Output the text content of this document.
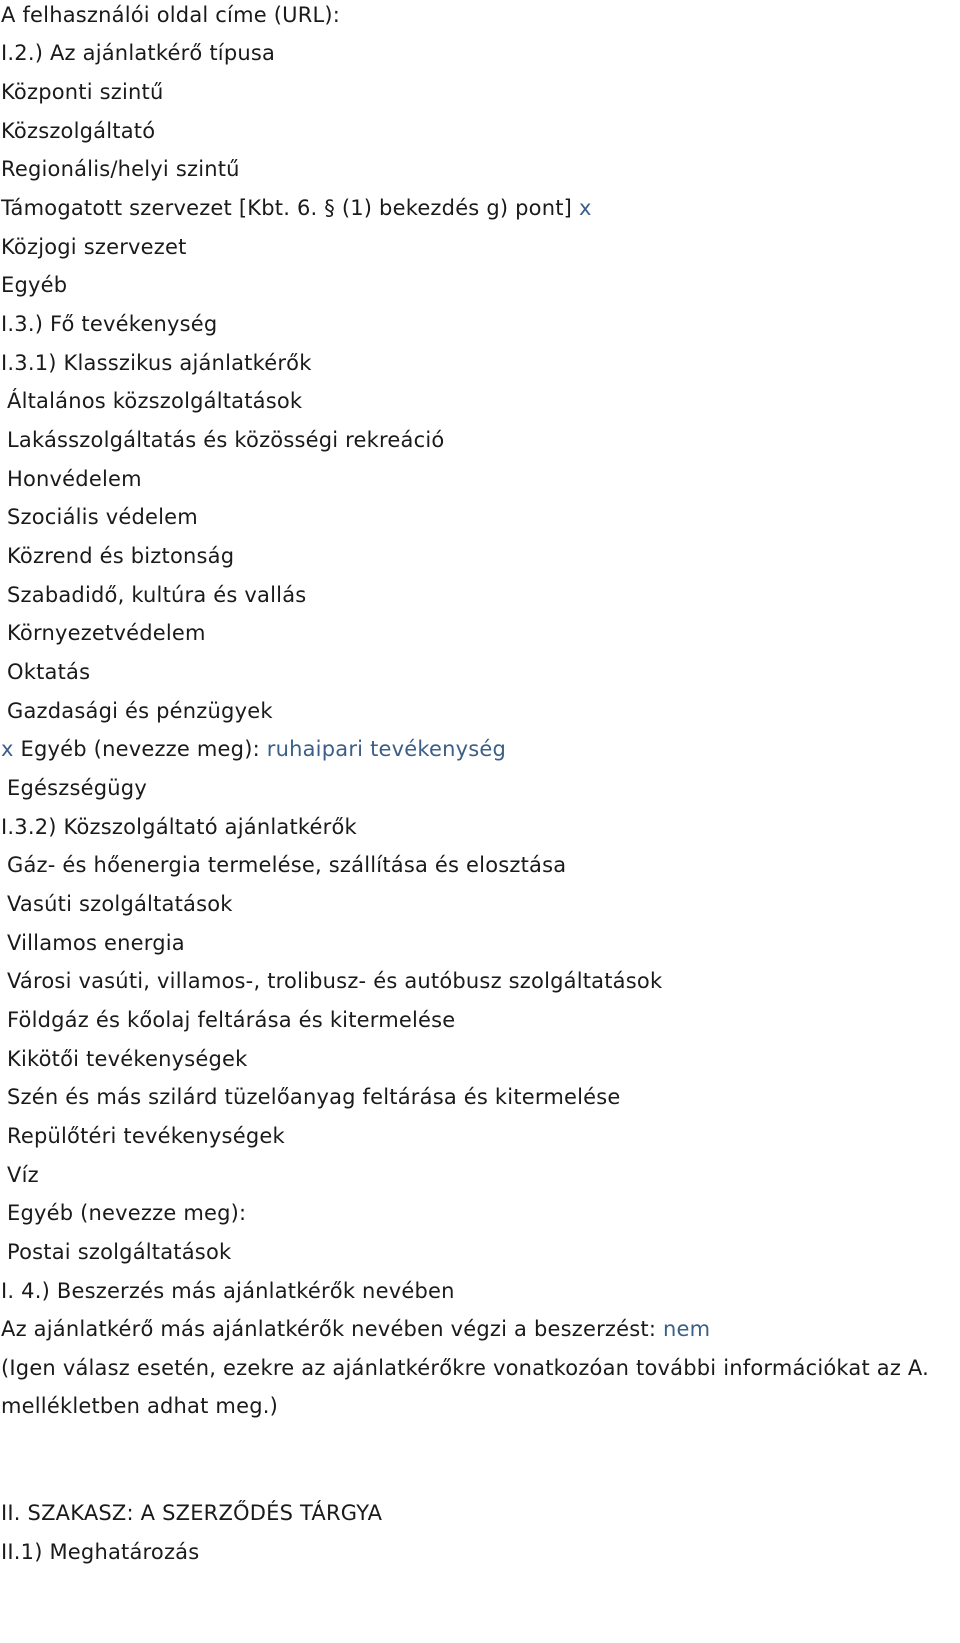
A felhasználói oldal címe (URL):
I.2.) Az ajánlatkérő típusa
Központi szintű
Közszolgáltató
Regionális/helyi szintű
Támogatott szervezet [Kbt. 6. § (1) bekezdés g) pont] x
Közjogi szervezet
Egyéb
I.3.) Fő tevékenység
I.3.1) Klasszikus ajánlatkérők
Általános közszolgáltatások
Lakásszolgáltatás és közösségi rekreáció
Honvédelem
Szociális védelem
Közrend és biztonság
Szabadidő, kultúra és vallás
Környezetvédelem
Oktatás
Gazdasági és pénzügyek
x Egyéb (nevezze meg): ruhaipari tevékenység
Egészségügy
I.3.2) Közszolgáltató ajánlatkérők
Gáz- és hőenergia termelése, szállítása és elosztása
Vasúti szolgáltatások
Villamos energia
Városi vasúti, villamos-, trolibusz- és autóbusz szolgáltatások
Földgáz és kőolaj feltárása és kitermelése
Kikötői tevékenységek
Szén és más szilárd tüzelőanyag feltárása és kitermelése
Repülőtéri tevékenységek
Víz
Egyéb (nevezze meg):
Postai szolgáltatások
I. 4.) Beszerzés más ajánlatkérők nevében
Az ajánlatkérő más ajánlatkérők nevében végzi a beszerzést: nem
(Igen válasz esetén, ezekre az ajánlatkérőkre vonatkozóan további információkat az A. mellékletben adhat meg.)
II. SZAKASZ: A SZERZŐDÉS TÁRGYA
II.1) Meghatározás
